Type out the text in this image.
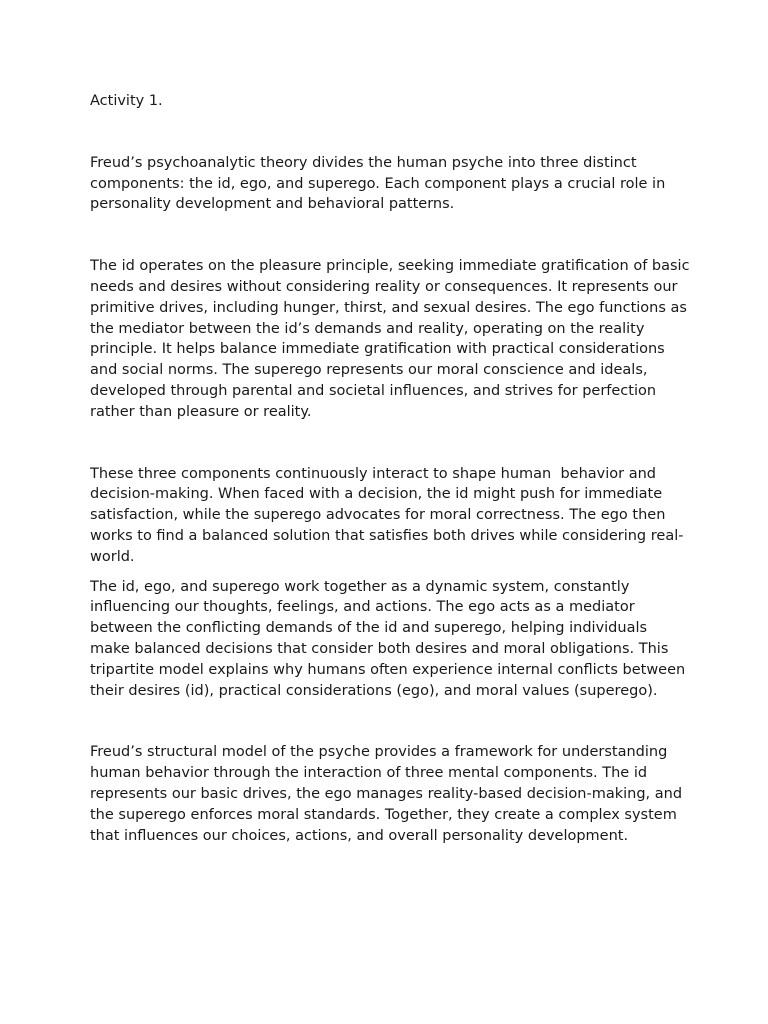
Activity 1.

Freud’s psychoanalytic theory divides the human psyche into three distinct components: the id, ego, and superego. Each component plays a crucial role in personality development and behavioral patterns.

The id operates on the pleasure principle, seeking immediate gratification of basic needs and desires without considering reality or consequences. It represents our primitive drives, including hunger, thirst, and sexual desires. The ego functions as the mediator between the id’s demands and reality, operating on the reality principle. It helps balance immediate gratification with practical considerations and social norms. The superego represents our moral conscience and ideals, developed through parental and societal influences, and strives for perfection rather than pleasure or reality.

These three components continuously interact to shape human  behavior and decision-making. When faced with a decision, the id might push for immediate satisfaction, while the superego advocates for moral correctness. The ego then works to find a balanced solution that satisfies both drives while considering real-world.

The id, ego, and superego work together as a dynamic system, constantly influencing our thoughts, feelings, and actions. The ego acts as a mediator between the conflicting demands of the id and superego, helping individuals make balanced decisions that consider both desires and moral obligations. This tripartite model explains why humans often experience internal conflicts between their desires (id), practical considerations (ego), and moral values (superego).

Freud’s structural model of the psyche provides a framework for understanding human behavior through the interaction of three mental components. The id represents our basic drives, the ego manages reality-based decision-making, and the superego enforces moral standards. Together, they create a complex system that influences our choices, actions, and overall personality development.
